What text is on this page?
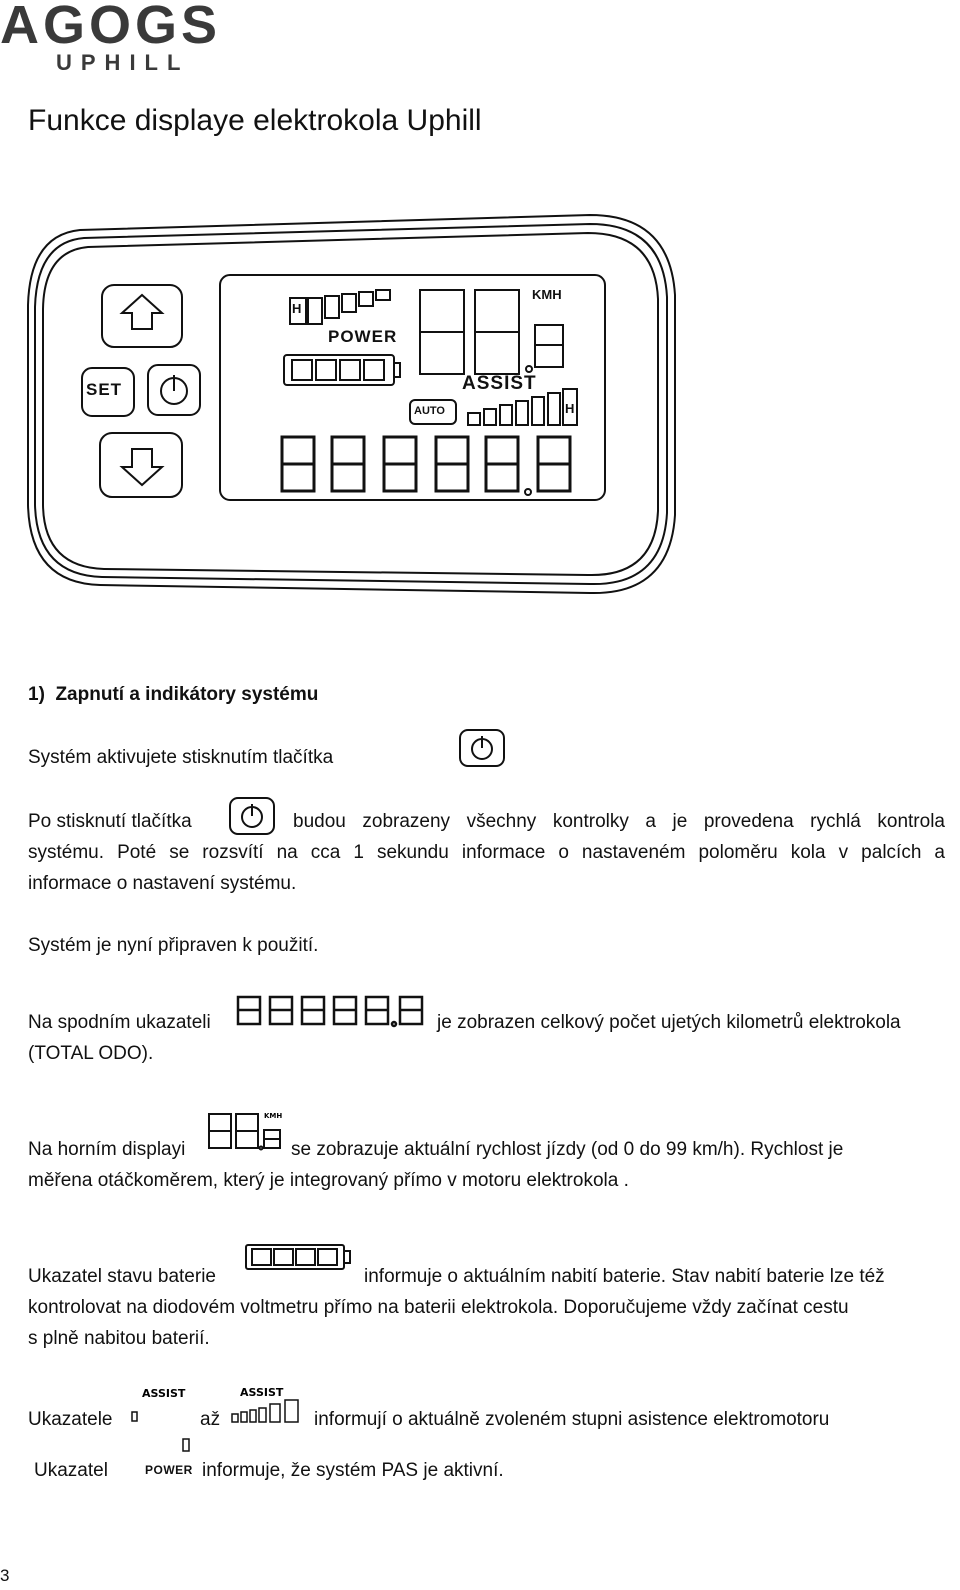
AGOGS
UPHILL
Funkce displaye elektrokola Uphill
SET
H
POWER
KMH
ASSIST
AUTO	H
1)  Zapnutí a indikátory systému
Systém aktivujete stisknutím tlačítka
Po stisknutí tlačítka	budou zobrazeny všechny kontrolky a je provedena rychlá kontrola
systému. Poté se rozsvítí na cca 1 sekundu informace o nastaveném poloměru kola v palcích a
informace o nastavení systému.
Systém je nyní připraven k použití.
Na spodním ukazateli	je zobrazen celkový počet ujetých kilometrů elektrokola
(TOTAL ODO).
Na horním displayi
KMH
se zobrazuje aktuální rychlost jízdy (od 0 do 99 km/h). Rychlost je
měřena otáčkoměrem, který je integrovaný přímo v motoru elektrokola .
Ukazatel stavu baterie	informuje o aktuálním nabití baterie. Stav nabití baterie lze též
kontrolovat na diodovém voltmetru přímo na baterii elektrokola. Doporučujeme vždy začínat cestu
s plně nabitou baterií.
Ukazatele
ASSIST
až
ASSIST
informují o aktuálně zvoleném stupni asistence elektromotoru
Ukazatel	POWER informuje, že systém PAS je aktivní.
3
